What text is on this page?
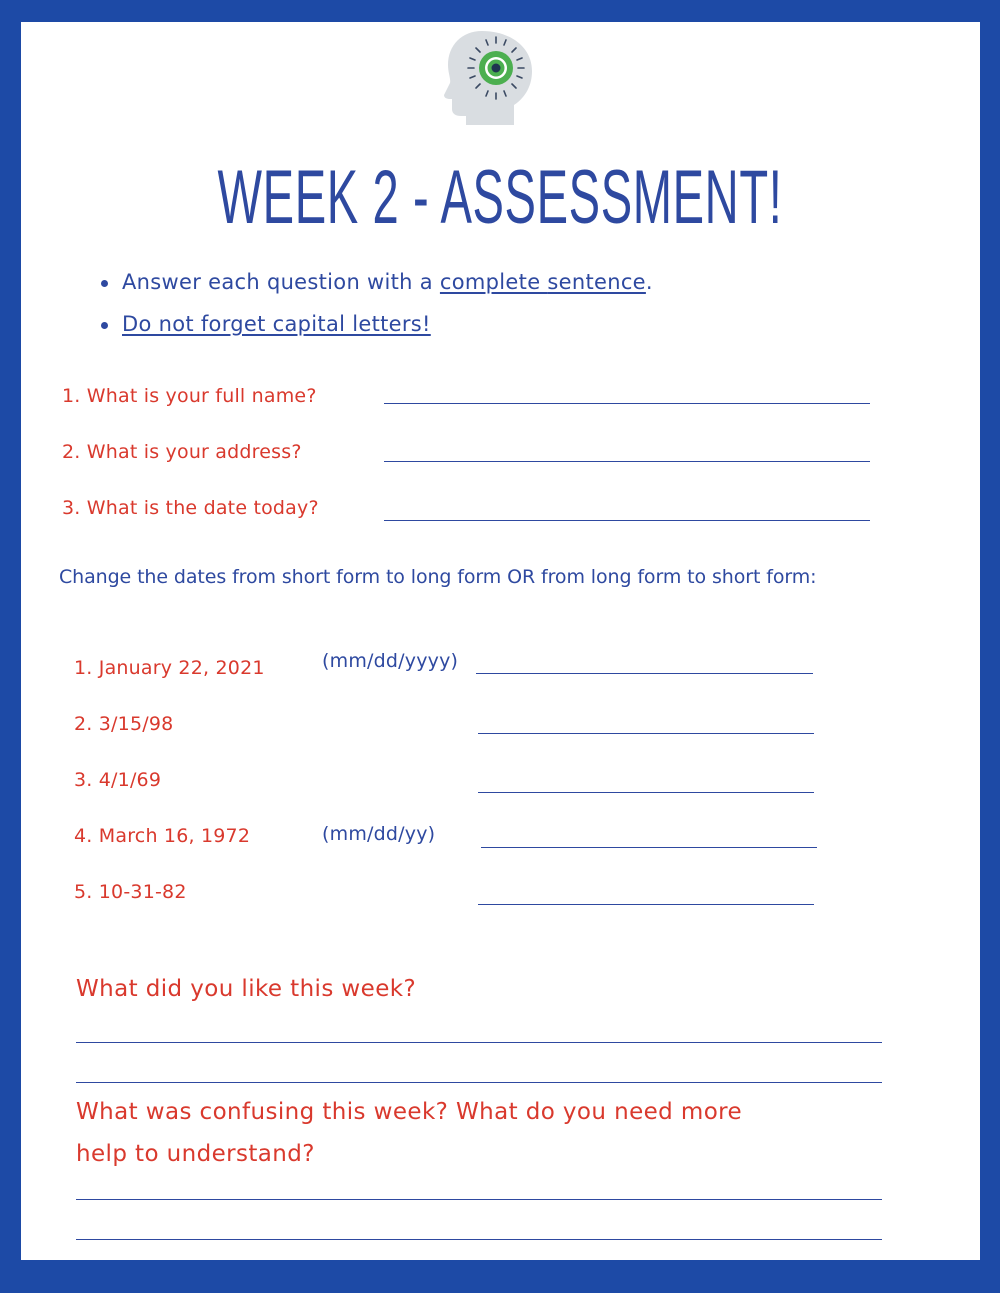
WEEK 2 - ASSESSMENT!
Answer each question with a complete sentence.
Do not forget capital letters!
1. What is your full name?
2. What is your address?
3. What is the date today?
Change the dates from short form to long form OR from long form to short form:
1. January 22, 2021	(mm/dd/yyyy)
2. 3/15/98
3. 4/1/69
4. March 16, 1972	(mm/dd/yy)
5. 10-31-82
What did you like this week?
What was confusing this week? What do you need more
help to understand?
